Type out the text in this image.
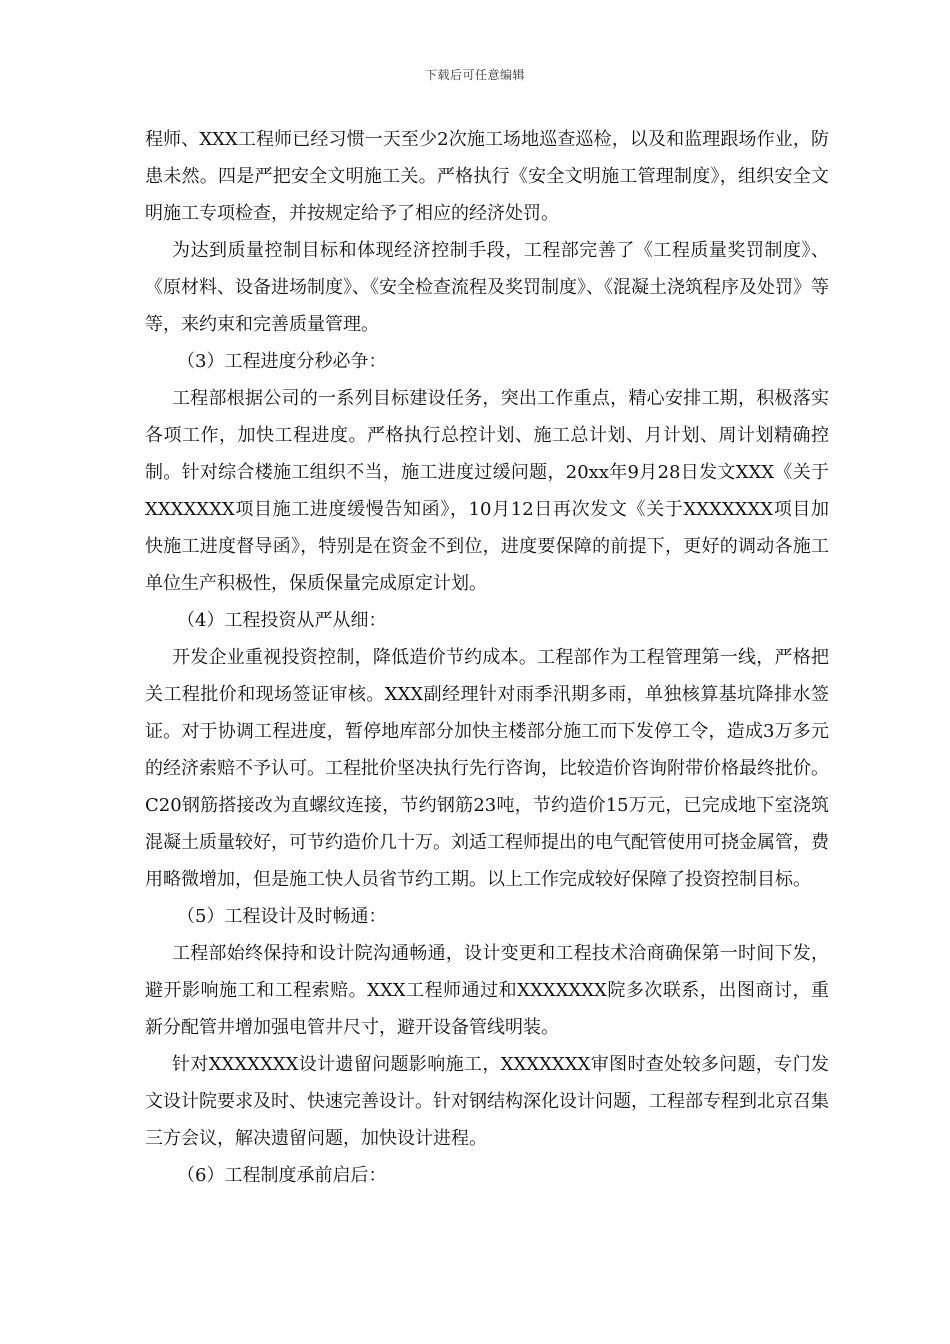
下载后可任意编辑

程师、XXX工程师已经习惯一天至少2次施工场地巡查巡检，以及和监理跟场作业，防患未然。四是严把安全文明施工关。严格执行《安全文明施工管理制度》，组织安全文明施工专项检查，并按规定给予了相应的经济处罚。

为达到质量控制目标和体现经济控制手段，工程部完善了《工程质量奖罚制度》、《原材料、设备进场制度》、《安全检查流程及奖罚制度》、《混凝土浇筑程序及处罚》等等，来约束和完善质量管理。

（3）工程进度分秒必争：

工程部根据公司的一系列目标建设任务，突出工作重点，精心安排工期，积极落实各项工作，加快工程进度。严格执行总控计划、施工总计划、月计划、周计划精确控制。针对综合楼施工组织不当，施工进度过缓问题，20xx年9月28日发文XXX《关于XXXXXXX项目施工进度缓慢告知函》，10月12日再次发文《关于XXXXXXX项目加快施工进度督导函》，特别是在资金不到位，进度要保障的前提下，更好的调动各施工单位生产积极性，保质保量完成原定计划。

（4）工程投资从严从细：

开发企业重视投资控制，降低造价节约成本。工程部作为工程管理第一线，严格把关工程批价和现场签证审核。XXX副经理针对雨季汛期多雨，单独核算基坑降排水签证。对于协调工程进度，暂停地库部分加快主楼部分施工而下发停工令，造成3万多元的经济索赔不予认可。工程批价坚决执行先行咨询，比较造价咨询附带价格最终批价。C20钢筋搭接改为直螺纹连接，节约钢筋23吨，节约造价15万元，已完成地下室浇筑混凝土质量较好，可节约造价几十万。刘适工程师提出的电气配管使用可挠金属管，费用略微增加，但是施工快人员省节约工期。以上工作完成较好保障了投资控制目标。

（5）工程设计及时畅通：

工程部始终保持和设计院沟通畅通，设计变更和工程技术洽商确保第一时间下发，避开影响施工和工程索赔。XXX工程师通过和XXXXXXX院多次联系，出图商讨，重新分配管井增加强电管井尺寸，避开设备管线明装。

针对XXXXXXX设计遗留问题影响施工，XXXXXXX审图时查处较多问题，专门发文设计院要求及时、快速完善设计。针对钢结构深化设计问题，工程部专程到北京召集三方会议，解决遗留问题，加快设计进程。

（6）工程制度承前启后：
